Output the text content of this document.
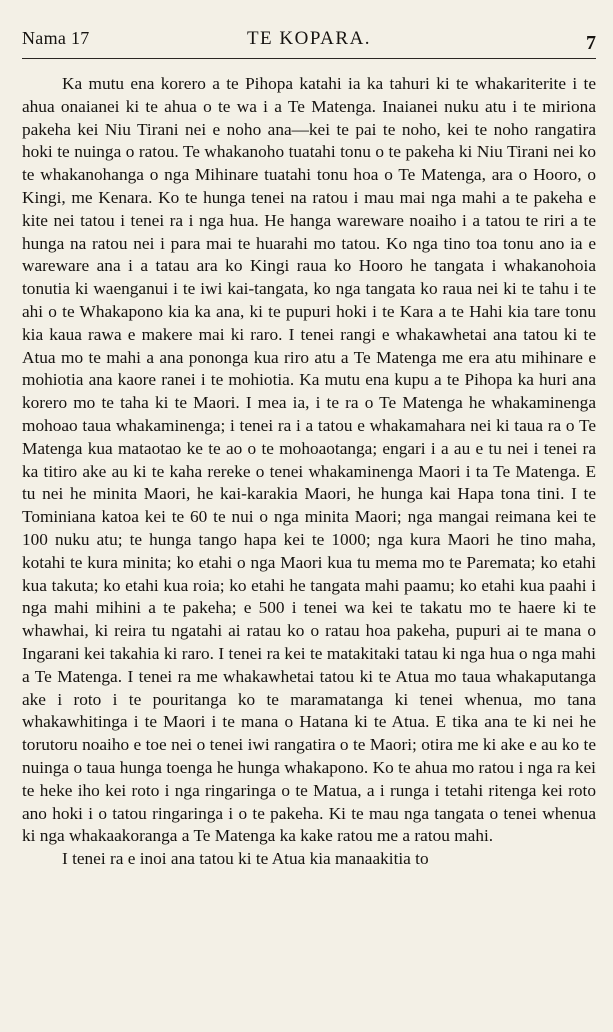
Nama 17	TE KOPARA.	7

Ka mutu ena korero a te Pihopa katahi ia ka tahuri ki te whakariterite i te ahua onaianei ki te ahua o te wa i a Te Matenga. Inaianei nuku atu i te miriona pakeha kei Niu Tirani nei e noho ana—kei te pai te noho, kei te noho rangatira hoki te nuinga o ratou. Te whakanoho tuatahi tonu o te pakeha ki Niu Tirani nei ko te whakanohanga o nga Mihinare tuatahi tonu hoa o Te Matenga, ara o Hooro, o Kingi, me Kenara. Ko te hunga tenei na ratou i mau mai nga mahi a te pakeha e kite nei tatou i tenei ra i nga hua. He hanga wareware noaiho i a tatou te riri a te hunga na ratou nei i para mai te huarahi mo tatou. Ko nga tino toa tonu ano ia e wareware ana i a tatau ara ko Kingi raua ko Hooro he tangata i whakanohoia tonutia ki waenganui i te iwi kai-tangata, ko nga tangata ko raua nei ki te tahu i te ahi o te Whakapono kia ka ana, ki te pupuri hoki i te Kara a te Hahi kia tare tonu kia kaua rawa e makere mai ki raro. I tenei rangi e whakawhetai ana tatou ki te Atua mo te mahi a ana pononga kua riro atu a Te Matenga me era atu mihinare e mohiotia ana kaore ranei i te mohiotia. Ka mutu ena kupu a te Pihopa ka huri ana korero mo te taha ki te Maori. I mea ia, i te ra o Te Matenga he whakaminenga mohoao taua whakaminenga; i tenei ra i a tatou e whakamahara nei ki taua ra o Te Matenga kua mataotao ke te ao o te mohoaotanga; engari i a au e tu nei i tenei ra ka titiro ake au ki te kaha rereke o tenei whakaminenga Maori i ta Te Matenga. E tu nei he minita Maori, he kai-karakia Maori, he hunga kai Hapa tona tini. I te Tominiana katoa kei te 60 te nui o nga minita Maori; nga mangai reimana kei te 100 nuku atu; te hunga tango hapa kei te 1000; nga kura Maori he tino maha, kotahi te kura minita; ko etahi o nga Maori kua tu mema mo te Paremata; ko etahi kua takuta; ko etahi kua roia; ko etahi he tangata mahi paamu; ko etahi kua paahi i nga mahi mihini a te pakeha; e 500 i tenei wa kei te takatu mo te haere ki te whawhai, ki reira tu ngatahi ai ratau ko o ratau hoa pakeha, pupuri ai te mana o Ingarani kei takahia ki raro. I tenei ra kei te matakitaki tatau ki nga hua o nga mahi a Te Matenga. I tenei ra me whakawhetai tatou ki te Atua mo taua whakaputanga ake i roto i te pouritanga ko te maramatanga ki tenei whenua, mo tana whakawhitinga i te Maori i te mana o Hatana ki te Atua. E tika ana te ki nei he torutoru noaiho e toe nei o tenei iwi rangatira o te Maori; otira me ki ake e au ko te nuinga o taua hunga toenga he hunga whakapono. Ko te ahua mo ratou i nga ra kei te heke iho kei roto i nga ringaringa o te Matua, a i runga i tetahi ritenga kei roto ano hoki i o tatou ringaringa i o te pakeha. Ki te mau nga tangata o tenei whenua ki nga whakaakoranga a Te Matenga ka kake ratou me a ratou mahi.

I tenei ra e inoi ana tatou ki te Atua kia manaakitia to
